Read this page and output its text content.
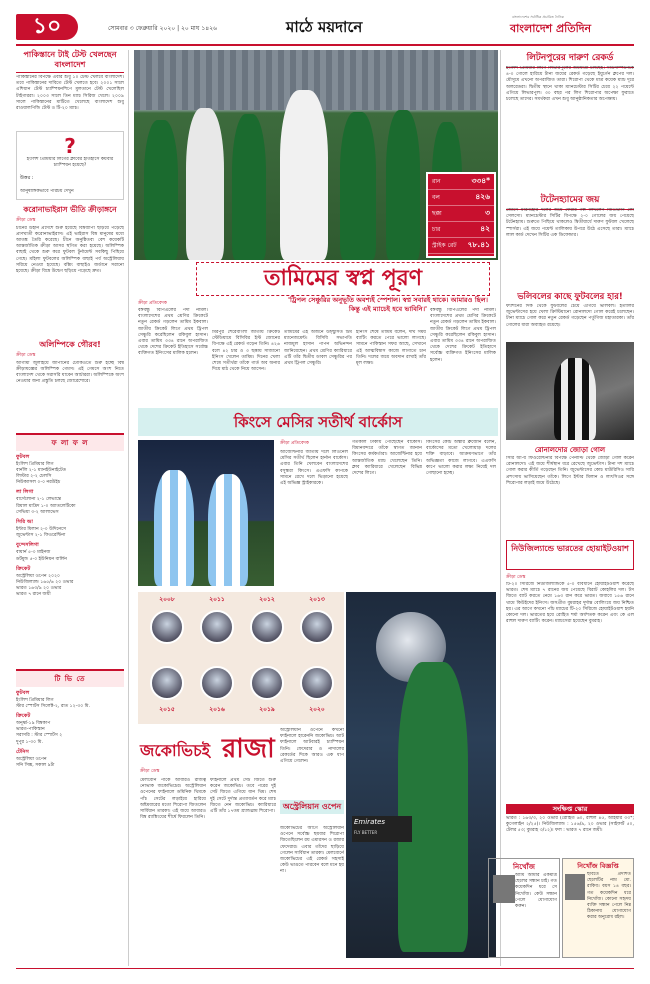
১০	সোমবার ৩ ফেব্রুয়ারি ২০২০ | ২০ মাঘ ১৪২৬	মাঠে ময়দানে
বাংলাদেশের সর্বাধিক প্রচারিত দৈনিক
বাংলাদেশ প্রতিদিন
পাকিস্তানে টাই টেস্ট খেলছেন বাংলাদেশ
পাকিস্তানের বিপক্ষে এবার শুধু ১০ টেস্ট খেলবে বাংলাদেশ। তবে পাকিস্তানের দাবিতে টেস্ট খেলতে হবে। ২০০১ সালে এশিয়ান টেস্ট চ্যাম্পিয়নশিপে মুলতানে টেস্ট খেলেছিল টাইগাররা। ২০০৩ সালে তিন ম্যাচ সিরিজ খেলে। ২০০৯ সালে পাকিস্তানের মাটিতে খেলেছে বাংলাদেশ শুধু রাওয়ালপিন্ডি টেস্ট ও টি-২০ ম্যাচ।
?
ইংলিশ প্রিমিয়ার লিগের ক্লাবের ইতিহাসে কয়বার চ্যাম্পিয়ন হয়েছে?
উত্তর :
আনুষাঙ্গিকভাবে পরিচয় দেখুন
করোনাভাইরাস ভীতি ক্রীড়াঙ্গনে
ক্রীড়া ডেস্ক
চীনের উহান প্রদেশে শুরু হয়েছে বিশ্বব্যাপী ছড়িয়ে পড়েছে প্রাণঘাতী করোনাভাইরাস। এই ভাইরাস বিশ্ব মানুষের মধ্যে আতঙ্ক তৈরি করেছে। চীনে অনুষ্ঠিতব্য বেশ কয়েকটি আন্তর্জাতিক ক্রীড়া আসর স্থগিত করা হয়েছে। অলিম্পিক বাছাই থেকে শুরু করে ফুটবল টুর্নামেন্ট সবকিছু পিছিয়ে গেছে। মহিলা ফুটবলের অলিম্পিক বাছাই পর্ব অস্ট্রেলিয়ায় সরিয়ে নেওয়া হয়েছে। বক্সিং বাছাইও জর্ডানে সরানো হয়েছে। ক্রীড়া বিশ্বে উদ্বেগ ছড়িয়ে পড়েছে দ্রুত।
অলিম্পিকে গৌরব!
ক্রীড়া ডেস্ক
আগামী জুলাইয়ে জাপানের টোকিওতে শুরু হচ্ছে বিশ্ব ক্রীড়াযজ্ঞের অলিম্পিক গেমস। এই গেমসে অংশ নিতে বাংলাদেশ থেকে সরাসরি যাবেন আর্চাররা। অলিম্পিকে অংশ নেওয়ার জন্য প্রস্তুতি চলছে জোরেশোরে।
ফ লা ফ ল
ফুটবল
ইংলিশ প্রিমিয়ার লিগ
বার্নলি ২-১ ম্যানইউনাইটেড
লিস্টার ২-২ চেলসি
নিউক্যাসল ০-০ নরউইচ
লা লিগা
বার্সেলোনা ২-১ লেভান্তে
রিয়াল মাদ্রিদ ১-০ অ্যাতলেটিকো
সেভিয়া ৩-২ আলাভেস
সিরি আ
ইন্টার মিলান ২-০ উদিনেসে
জুভেন্টাস ২-১ ফিওরেন্টিনা
বুন্দেসলিগা
বায়ার্ন ৫-০ মাইনজ
ডর্টমুন্ড ৫-০ ইউনিয়ন বার্লিন
ক্রিকেট
অস্ট্রেলিয়া ওপেন ২০২০
নিউজিল্যান্ড ১৬৫/৬ ২০ ওভার
ভারত ১৬৩/৯ ২০ ওভার
ভারত ৭ রানে জয়ী
টি ভি তে
ফুটবল
ইংলিশ প্রিমিয়ার লিগ
স্টার স্পোর্টস সিলেক্ট-২, রাত ১২-৩০ মি.
ক্রিকেট
অনূর্ধ্ব-১৯ বিশ্বকাপ
ভারত-পাকিস্তান
সরাসরি : স্টার স্পোর্টস ২
দুপুর ১-৩০ মি.
টেনিস
অস্ট্রেলিয়া ওপেন
সনি সিক্স, সকাল ৯টা
রান	৩৩৪*
বল	৪২৬
ছক্কা	৩
চার	৪২
স্ট্রাইক রেট ৭৮.৪১
তামিমের স্বপ্ন পূরণ
ক্রীড়া প্রতিবেদক	'ট্রিপল সেঞ্চুরির অনুভূতি অবশ্যই স্পেশাল। স্বপ্ন সবারই থাকে। আমারও ছিল। কিন্তু এই ম্যাচেই হবে ভাবিনি।'
বঙ্গবন্ধু বিপিএলের পর্দা নামল। বাংলাদেশের প্রথম শ্রেণির ক্রিকেটে নতুন রেকর্ড গড়লেন তামিম ইকবাল। জাতীয় ক্রিকেট লিগে প্রথম ট্রিপল সেঞ্চুরি করেছিলেন রকিবুল হাসান। এবার তামিম ৩৩৪ রানে অপরাজিত থেকে দেশের ক্রিকেট ইতিহাসে সর্বোচ্চ ব্যক্তিগত ইনিংসের মালিক হলেন।
মিরপুর শেরেবাংলা জাতীয় ক্রিকেট স্টেডিয়ামে বিসিবির ইস্ট জোনের বিপক্ষে এই রেকর্ড গড়েন তিনি। ৪২৬ বলে ৪২ চার ও ৩ ছক্কায় সাজানো ইনিংস খেলেন তামিম। দিনের খেলা শেষে সতীর্থরা তাঁকে গার্ড অব অনার দিয়ে মাঠ থেকে নিয়ে আসেন।
তামিমের এই অর্জনে উচ্ছ্বসিত টিম ম্যানেজমেন্ট। বিসিবি সভাপতি নাজমুল হাসান পাপন অভিনন্দন জানিয়েছেন। প্রথম শ্রেণির ক্যারিয়ারে এটি তাঁর দ্বিতীয় ডাবল সেঞ্চুরির পর প্রথম ট্রিপল সেঞ্চুরি।
ইনিংস শেষে তামিম বলেন, দীর্ঘ সময় ব্যাটিং করতে পেরে ভালো লাগছে। সামনে পাকিস্তান সফর আছে, সেখানে এই আত্মবিশ্বাস কাজে লাগাতে চান তিনি। দলের জয়ে অবদান রাখাই তাঁর মূল লক্ষ্য।
বঙ্গবন্ধু বিপিএলের পর্দা নামল। বাংলাদেশের প্রথম শ্রেণির ক্রিকেটে নতুন রেকর্ড গড়লেন তামিম ইকবাল। জাতীয় ক্রিকেট লিগে প্রথম ট্রিপল সেঞ্চুরি করেছিলেন রকিবুল হাসান। এবার তামিম ৩৩৪ রানে অপরাজিত থেকে দেশের ক্রিকেট ইতিহাসে সর্বোচ্চ ব্যক্তিগত ইনিংসের মালিক হলেন।
কিংসে মেসির সতীর্থ বার্কোস
ক্রীড়া প্রতিবেদক
আর্জেন্টিনার জাতীয় দলে লিওনেল মেসির সতীর্থ ছিলেন হার্নান বার্কোস। এবার তিনি খেলবেন বাংলাদেশের বসুন্ধরা কিংসে। এএফসি কাপকে সামনে রেখে দলে ভিড়ানো হয়েছে এই অভিজ্ঞ স্ট্রাইকারকে।
গতকাল ঢাকায় পৌঁছেছেন বার্কোস। বিমানবন্দরে তাঁকে স্বাগত জানান কিংসের কর্মকর্তারা। আর্জেন্টিনার হয়ে আন্তর্জাতিক ম্যাচ খেলেছেন তিনি। ক্লাব ক্যারিয়ারে খেলেছেন বিভিন্ন দেশের লিগে।
কিংসের কোচ অস্কার ব্রুজোন বলেন, বার্কোসের মতো খেলোয়াড় দলের শক্তি বাড়াবে। আক্রমণভাগে তাঁর অভিজ্ঞতা কাজে লাগবে। এএফসি কাপে ভালো করার লক্ষ্য নিয়েই দল গোছানো হচ্ছে।
২০০৮	২০১১	২০১২	২০১৩
২০১৫	২০১৬	২০১৯	২০২০
Emirates
FLY BETTER
জকোভিচই রাজা
ক্রীড়া ডেস্ক
মেলবোর্ন পার্কে আবারও রাজত্ব নোভাক জকোভিচের। অস্ট্রেলিয়ান ওপেনের ফাইনালে ডমিনিক থিমকে পাঁচ সেটের লড়াইয়ে হারিয়ে অষ্টমবারের মতো শিরোপা জিতলেন সার্বিয়ান তারকা। এই জয়ে আবারও বিশ্ব র‌্যাঙ্কিংয়ের শীর্ষে ফিরলেন তিনি।
ফাইনালে প্রথম সেট জিতে শুরু করেন জকোভিচ। তবে পরের দুই সেট জিতে এগিয়ে যান থিম। শেষ দুই সেটে দুর্দান্ত প্রত্যাবর্তন করে ম্যাচ জিতে নেন জকোভিচ। ক্যারিয়ারে এটি তাঁর ১৭তম গ্র্যান্ডস্লাম শিরোপা।
অস্ট্রেলিয়ান ওপেনে কখনো ফাইনালে হারেননি জকোভিচ। আট ফাইনালে আটবারই চ্যাম্পিয়ন তিনি। ফেদেরার ও নাদালের রেকর্ডের দিকে আরও এক ধাপ এগিয়ে গেলেন।
অস্ট্রেলিয়ান ওপেন
জকোভিচের আগে অস্ট্রেলিয়ান ওপেনে সর্বোচ্চ ছয়বার শিরোপা জিতেছিলেন রয় এমারসন ও রজার ফেদেরার। এবার তাঁদের ছাড়িয়ে গেলেন সার্বিয়ান তারকা। মেলবোর্নে জকোভিচের এই রেকর্ড সহসাই কেউ ভাঙতে পারবেন বলে মনে হয় না।
লিটনপুরের দারুণ রেকর্ড
ইংলিশ প্রিমিয়ার লিগে লিভারপুলের জয়যাত্রা চলছেই। সাউদাম্পটনকে ৪-০ গোলে হারিয়ে টানা জয়ের রেকর্ড গড়েছে ইয়ুর্গেন ক্লপের দল। মৌসুমে এখনো অপরাজিত তারা। শিরোপা থেকে মাত্র কয়েক ম্যাচ দূরে অলরেডরা। দ্বিতীয় স্থানে থাকা ম্যানচেস্টার সিটির চেয়ে ২২ পয়েন্টে এগিয়ে লিভারপুল। ৩০ বছর পর লিগ শিরোপার অপেক্ষা ফুরাতে চলেছে তাদের। সমর্থকরা এখন শুধু আনুষ্ঠানিকতার অপেক্ষায়।
টটেনহ্যামের জয়
জোসে মরিনহোর দলের জয়ে ফেরার গল্প লিখলেন জিওভানি লো সেলসো। ম্যানচেস্টার সিটির বিপক্ষে ২-০ গোলের জয় পেয়েছে টটেনহ্যাম। শুরুতে পিছিয়ে থাকলেও দ্বিতীয়ার্ধে দারুণ ফুটবল খেলেছে স্পার্সরা। এই জয়ে পয়েন্ট তালিকায় উপরে উঠে এসেছে তারা। ম্যাচে লাল কার্ড দেখেন সিটির এক ডিফেন্ডার।
ভলিবলের কাছে ফুটবলের হার!
ফ্যাশনের দিক থেকে ফুটবলের চেয়ে এগিয়ে ভলিবল। ইতালির জুভেন্টাসের হয়ে খেলা ক্রিস্টিয়ানো রোনালদো গোল করেই চলেছেন। টানা ম্যাচে গোল করে নতুন রেকর্ড গড়েছেন পর্তুগিজ মহাতারকা। তাঁর গোলের ধারা অব্যাহত রয়েছে।
রোনালদোর জোড়া গোল
সিরি আ-য় ফিওরেন্টিনার বিপক্ষে পেনাল্টি থেকে জোড়া গোল করেন রোনালদো। এই জয়ে শীর্ষস্থান ধরে রেখেছে জুভেন্টাস। টানা দশ ম্যাচে গোল করার কীর্তি গড়েছেন তিনি। জুভেন্টাসের কোচ মাউরিসিও সারি প্রশংসায় ভাসিয়েছেন তাঁকে। লিগে ইন্টার মিলান ও লাৎসিওর সঙ্গে শিরোপার লড়াই জমে উঠেছে।
নিউজিল্যান্ডে ভারতের হোয়াইটওয়াশ
ক্রীড়া ডেস্ক
টি-২০ সিরিজে নিউজিল্যান্ডকে ৫-০ ব্যবধানে হোয়াইটওয়াশ করেছে ভারত। শেষ ম্যাচে ৭ রানের জয় পেয়েছে বিরাট কোহলির দল। টস জিতে ব্যাট করতে নেমে ১৬৩ রান করে ভারত। জবাবে ১৫৬ রানে থামে কিউইদের ইনিংস। জসপ্রীত বুমরাহর দুর্দান্ত বোলিংয়ে জয় নিশ্চিত হয়। এর আগে কখনো পাঁচ ম্যাচের টি-২০ সিরিজে হোয়াইটওয়াশ হয়নি কোনো দল। ভারতের হয়ে রোহিত শর্মা অর্ধশতক করেন এবং কে এল রাহুল দারুণ ব্যাটিং করেন। ম্যাচসেরা হয়েছেন বুমরাহ।
সংক্ষিপ্ত স্কোর
ভারত : ১৬৩/৩, ২০ ওভার (রোহিত ৬০, রাহুল ৪৫, আইয়ার ৩৩*; কুগেলাইন ২/২৫)। নিউজিল্যান্ড : ১৫৬/৯, ২০ ওভার (সাইফার্ট ৫০, টেলর ৫৩; বুমরাহ ৩/১২)। ফল : ভারত ৭ রানে জয়ী।
নিখোঁজ
আমি আমার একমাত্র ছেলের সন্ধান চাই। গত কয়েকদিন ধরে সে নিখোঁজ। কেউ সন্ধান পেলে যোগাযোগ করুন।
নিখোঁজ বিজ্ঞপ্তি
ছবিতে প্রদর্শিত ছেলেটির নাম মো. রাকিব। বয়স ১৪ বছর। গত কয়েকদিন ধরে নিখোঁজ। কোনো সহৃদয় ব্যক্তি সন্ধান পেলে নিম্ন ঠিকানায় যোগাযোগ করার অনুরোধ রইল।
